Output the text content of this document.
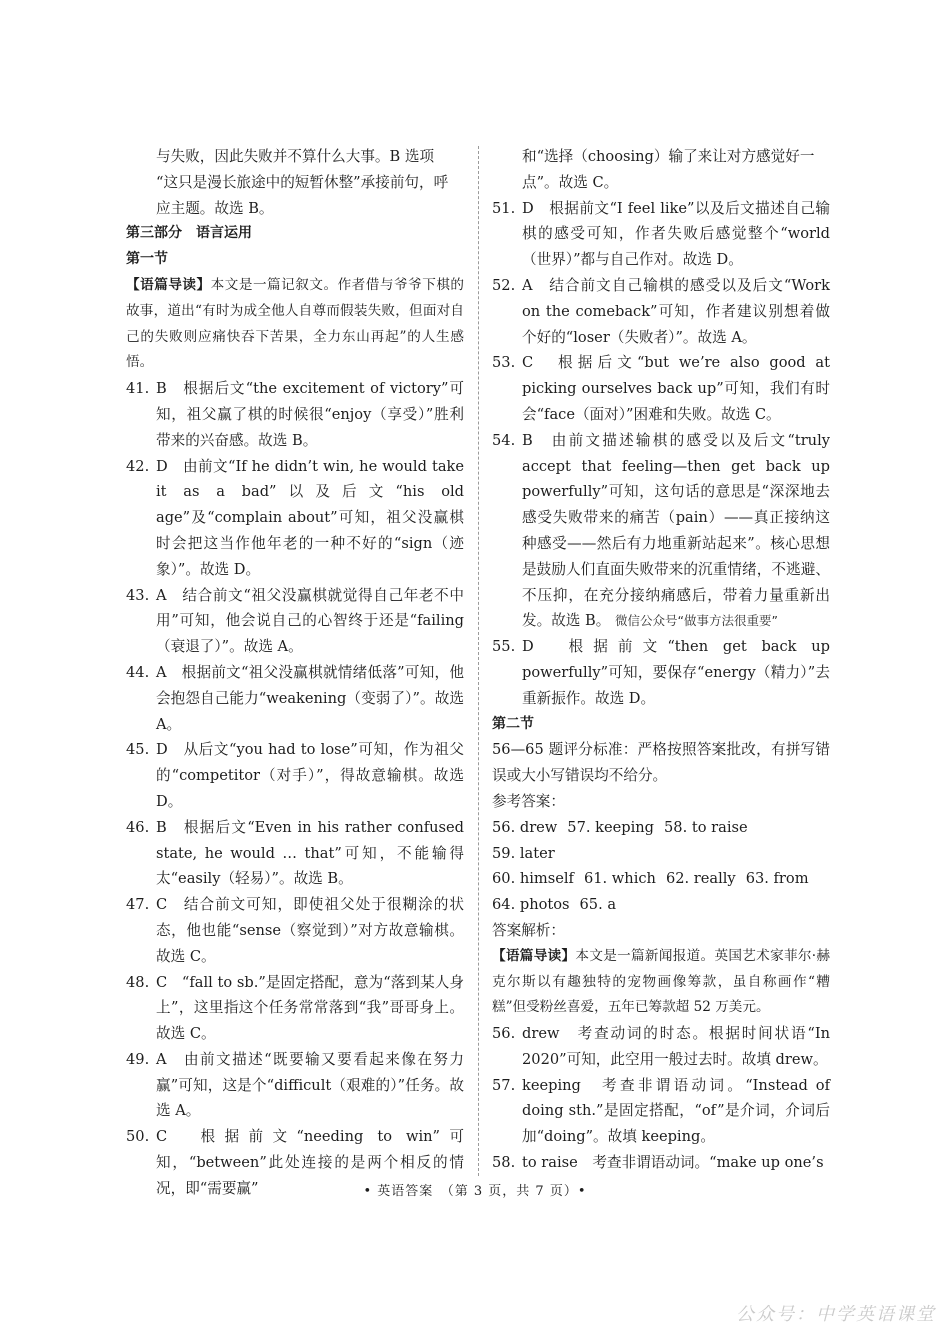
与失败，因此失败并不算什么大事。B 选项

“这只是漫长旅途中的短暂休整”承接前句，呼

应主题。故选 B。

第三部分　语言运用

第一节

【语篇导读】本文是一篇记叙文。作者借与爷爷下棋的故事，道出“有时为成全他人自尊而假装失败，但面对自己的失败则应痛快吞下苦果，全力东山再起”的人生感悟。

41. B　根据后文“the excitement of victory”可知，祖父赢了棋的时候很“enjoy（享受）”胜利带来的兴奋感。故选 B。

42. D　由前文“If he didn’t win, he would take it as a bad”以及后文“his old age”及“complain about”可知，祖父没赢棋时会把这当作他年老的一种不好的“sign（迹象）”。故选 D。

43. A　结合前文“祖父没赢棋就觉得自己年老不中用”可知，他会说自己的心智终于还是“failing（衰退了）”。故选 A。

44. A　根据前文“祖父没赢棋就情绪低落”可知，他会抱怨自己能力“weakening（变弱了）”。故选 A。

45. D　从后文“you had to lose”可知，作为祖父的“competitor（对手）”，得故意输棋。故选 D。

46. B　根据后文“Even in his rather confused state, he would … that”可知，不能输得太“easily（轻易）”。故选 B。

47. C　结合前文可知，即使祖父处于很糊涂的状态，他也能“sense（察觉到）”对方故意输棋。故选 C。

48. C　“fall to sb.”是固定搭配，意为“落到某人身上”，这里指这个任务常常落到“我”哥哥身上。故选 C。

49. A　由前文描述“既要输又要看起来像在努力赢”可知，这是个“difficult（艰难的）”任务。故选 A。

50. C　根据前文“needing to win”可知，“between”此处连接的是两个相反的情况，即“需要赢”

和“选择（choosing）输了来让对方感觉好一

点”。故选 C。

51. D　根据前文“I feel like”以及后文描述自己输棋的感受可知，作者失败后感觉整个“world（世界）”都与自己作对。故选 D。

52. A　结合前文自己输棋的感受以及后文“Work on the comeback”可知，作者建议别想着做个好的“loser（失败者）”。故选 A。

53. C　根据后文“but we’re also good at picking ourselves back up”可知，我们有时会“face（面对）”困难和失败。故选 C。

54. B　由前文描述输棋的感受以及后文“truly accept that feeling—then get back up powerfully”可知，这句话的意思是“深深地去感受失败带来的痛苦（pain）——真正接纳这种感受——然后有力地重新站起来”。核心思想是鼓励人们直面失败带来的沉重情绪，不逃避、不压抑，在充分接纳痛感后，带着力量重新出发。故选 B。 微信公众号“做事方法很重要”

55. D　根据前文“then get back up powerfully”可知，要保存“energy（精力）”去重新振作。故选 D。

第二节

56—65 题评分标准：严格按照答案批改，有拼写错误或大小写错误均不给分。

参考答案：

56. drew 57. keeping 58. to raise59. later

60. himself 61. which 62. really 63. from

64. photos 65. a

答案解析：

【语篇导读】本文是一篇新闻报道。英国艺术家菲尔·赫克尔斯以有趣独特的宠物画像筹款，虽自称画作“糟糕”但受粉丝喜爱，五年已筹款超 52 万美元。

56. drew　考查动词的时态。根据时间状语“In 2020”可知，此空用一般过去时。故填 drew。

57. keeping　考查非谓语动词。“Instead of doing sth.”是固定搭配，“of”是介词，介词后加“doing”。故填 keeping。

58. to raise　考查非谓语动词。“make up one’s

• 英语答案　（第 3 页，共 7 页）•
公众号：中学英语课堂
